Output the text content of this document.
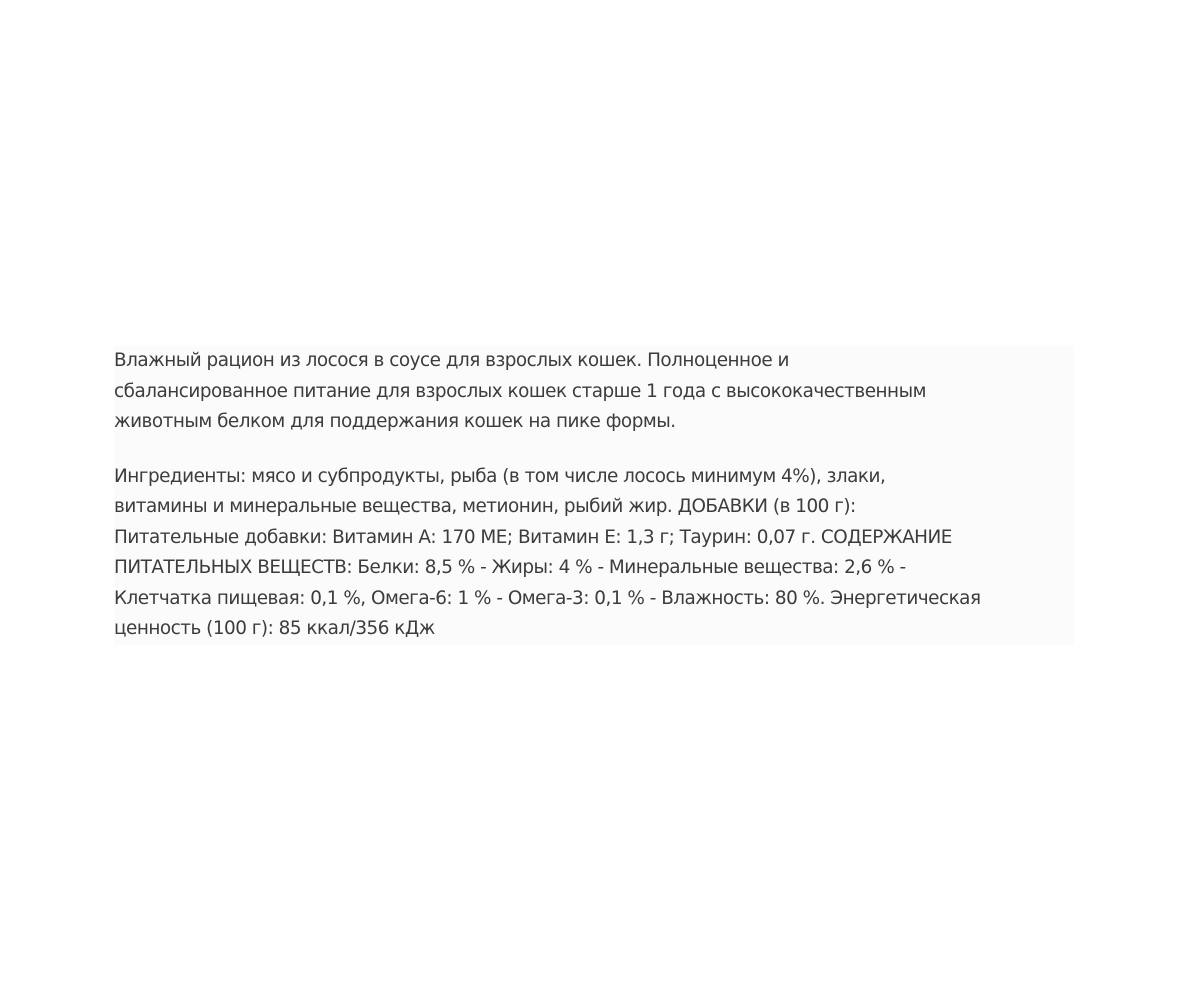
Влажный рацион из лосося в соусе для взрослых кошек. Полноценное и
сбалансированное питание для взрослых кошек старше 1 года с высококачественным
животным белком для поддержания кошек на пике формы.

Ингредиенты: мясо и субпродукты, рыба (в том числе лосось минимум 4%), злаки,
витамины и минеральные вещества, метионин, рыбий жир. ДОБАВКИ (в 100 г):
Питательные добавки: Витамин А: 170 МЕ; Витамин Е: 1,3 г; Таурин: 0,07 г. СОДЕРЖАНИЕ
ПИТАТЕЛЬНЫХ ВЕЩЕСТВ: Белки: 8,5 % - Жиры: 4 % - Минеральные вещества: 2,6 % -
Клетчатка пищевая: 0,1 %, Омега-6: 1 % - Омега-3: 0,1 % - Влажность: 80 %. Энергетическая
ценность (100 г): 85 ккал/356 кДж
